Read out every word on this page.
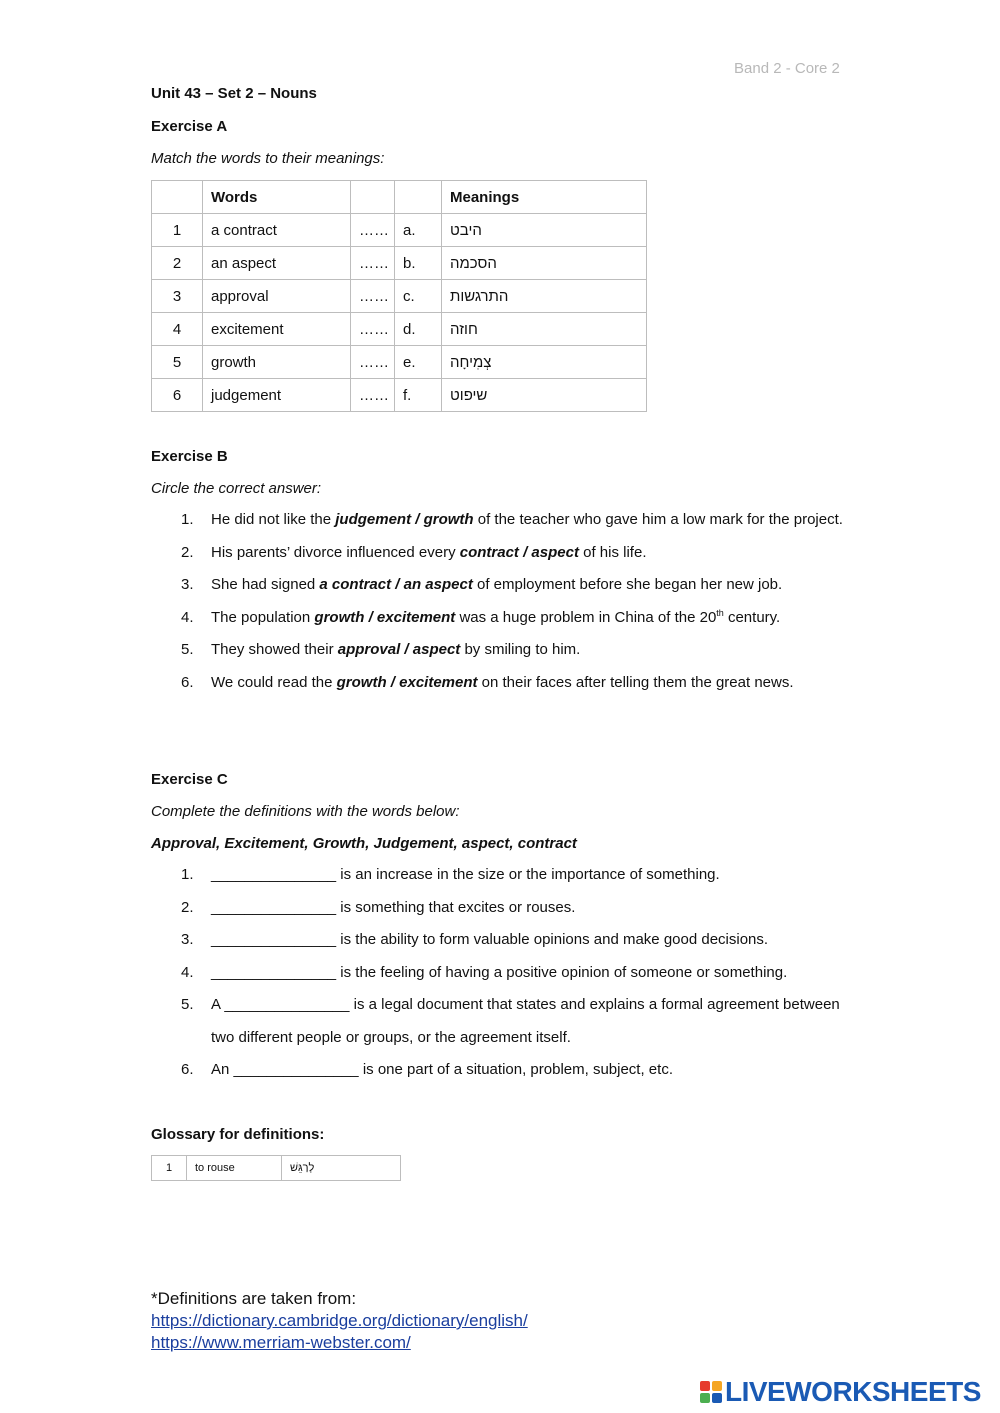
Band 2 - Core 2
Unit 43 – Set 2 – Nouns
Exercise A
Match the words to their meanings:
	Words			Meanings
1	a contract	……	a.	היבט
2	an aspect	……	b.	הסכמה
3	approval	……	c.	התרגשות
4	excitement	……	d.	חוזה
5	growth	……	e.	צְמִיחָה
6	judgement	……	f.	שיפוט
Exercise B
Circle the correct answer:
1. He did not like the judgement / growth of the teacher who gave him a low mark for the project.
2. His parents’ divorce influenced every contract / aspect of his life.
3. She had signed a contract / an aspect of employment before she began her new job.
4. The population growth / excitement was a huge problem in China of the 20th century.
5. They showed their approval / aspect by smiling to him.
6. We could read the growth / excitement on their faces after telling them the great news.
Exercise C
Complete the definitions with the words below:
Approval, Excitement, Growth, Judgement, aspect, contract
1. _______________ is an increase in the size or the importance of something.
2. _______________ is something that excites or rouses.
3. _______________ is the ability to form valuable opinions and make good decisions.
4. _______________ is the feeling of having a positive opinion of someone or something.
5. A _______________ is a legal document that states and explains a formal agreement between two different people or groups, or the agreement itself.
6. An _______________ is one part of a situation, problem, subject, etc.
Glossary for definitions:
1	to rouse	לְרַגֵּשׁ
*Definitions are taken from:
https://dictionary.cambridge.org/dictionary/english/
https://www.merriam-webster.com/
LIVEWORKSHEETS
